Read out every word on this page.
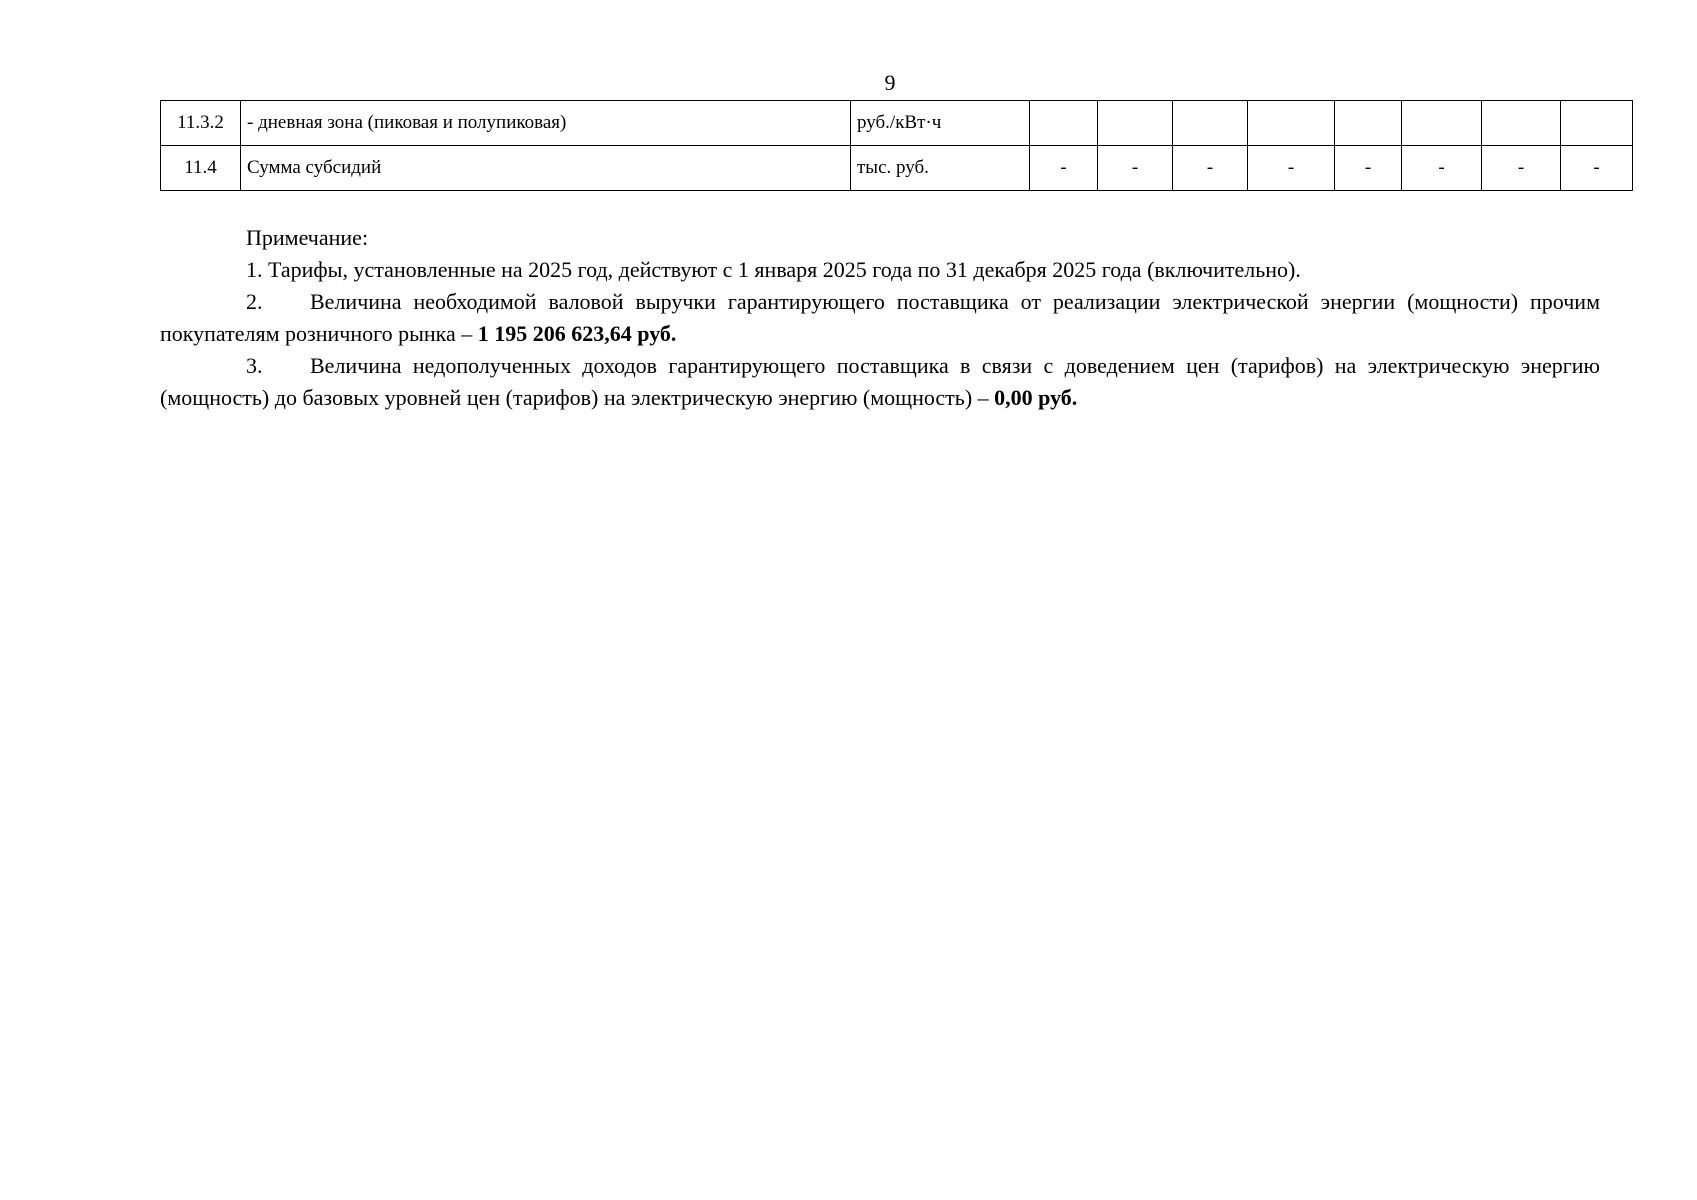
9
11.3.2	- дневная зона (пиковая и полупиковая)	руб./кВт·ч								
11.4	Сумма субсидий	тыс. руб.	-	-	-	-	-	-	-	-

Примечание:

1. Тарифы, установленные на 2025 год, действуют с 1 января 2025 года по 31 декабря 2025 года (включительно).

2. Величина необходимой валовой выручки гарантирующего поставщика от реализации электрической энергии (мощности) прочим покупателям розничного рынка – 1 195 206 623,64 руб.

3. Величина недополученных доходов гарантирующего поставщика в связи с доведением цен (тарифов) на электрическую энергию (мощность) до базовых уровней цен (тарифов) на электрическую энергию (мощность) – 0,00 руб.
